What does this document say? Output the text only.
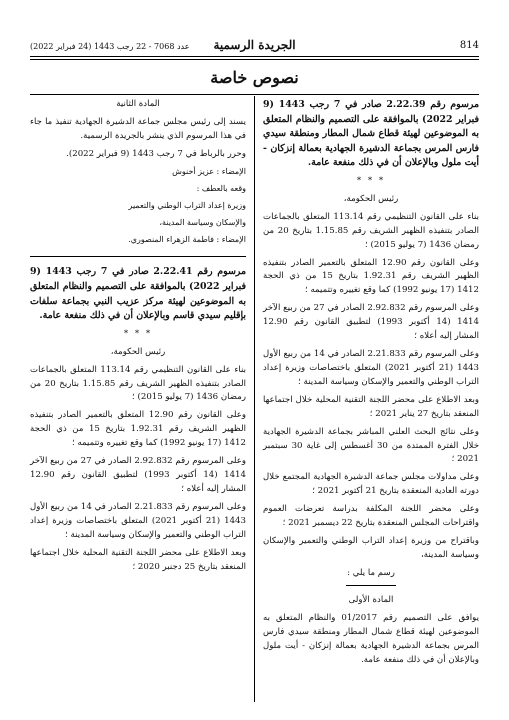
814
الجريدة الرسمية
عدد 7068 - 22 رجب 1443 (24 فبراير 2022)
نصوص خاصة

مرسوم رقم 2.22.39 صادر في 7 رجب 1443 (9 فبراير 2022) بالموافقة على التصميم والنظام المتعلق به الموضوعين لهيئة قطاع شمال المطار ومنطقة سيدي فارس المرس بجماعة الدشيرة الجهادية بعمالة إنزكان - أيت ملول وبالإعلان أن في ذلك منفعة عامة.

* * *

رئيس الحكومة،

بناء على القانون التنظيمي رقم 113.14 المتعلق بالجماعات الصادر بتنفيذه الظهير الشريف رقم 1.15.85 بتاريخ 20 من رمضان 1436 (7 يوليو 2015) ؛

وعلى القانون رقم 12.90 المتعلق بالتعمير الصادر بتنفيذه الظهير الشريف رقم 1.92.31 بتاريخ 15 من ذي الحجة 1412 (17 يونيو 1992) كما وقع تغييره وتتميمه ؛

وعلى المرسوم رقم 2.92.832 الصادر في 27 من ربيع الآخر 1414 (14 أكتوبر 1993) لتطبيق القانون رقم 12.90 المشار إليه أعلاه ؛

وعلى المرسوم رقم 2.21.833 الصادر في 14 من ربيع الأول 1443 (21 أكتوبر 2021) المتعلق باختصاصات وزيرة إعداد التراب الوطني والتعمير والإسكان وسياسة المدينة ؛

وبعد الاطلاع على محضر اللجنة التقنية المحلية خلال اجتماعها المنعقد بتاريخ 27 يناير 2021 ؛

وعلى نتائج البحث العلني المباشر بجماعة الدشيرة الجهادية خلال الفترة الممتدة من 30 أغسطس إلى غاية 30 سبتمبر 2021 ؛

وعلى مداولات مجلس جماعة الدشيرة الجهادية المجتمع خلال دورته العادية المنعقدة بتاريخ 21 أكتوبر 2021 ؛

وعلى محضر اللجنة المكلفة بدراسة تعرضات العموم واقتراحات المجلس المنعقدة بتاريخ 22 ديسمبر 2021 ؛

وباقتراح من وزيرة إعداد التراب الوطني والتعمير والإسكان وسياسة المدينة،

رسم ما يلي :

المادة الأولى

يوافق على التصميم رقم 01/2017 والنظام المتعلق به الموضوعين لهيئة قطاع شمال المطار ومنطقة سيدي فارس المرس بجماعة الدشيرة الجهادية بعمالة إنزكان - أيت ملول وبالإعلان أن في ذلك منفعة عامة.

المادة الثانية

يسند إلى رئيس مجلس جماعة الدشيرة الجهادية تنفيذ ما جاء في هذا المرسوم الذي ينشر بالجريدة الرسمية.

وحرر بالرباط في 7 رجب 1443 (9 فبراير 2022).

الإمضاء : عزيز أخنوش

وقعه بالعطف :

وزيرة إعداد التراب الوطني والتعمير

والإسكان وسياسة المدينة،

الإمضاء : فاطمة الزهراء المنصوري.

مرسوم رقم 2.22.41 صادر في 7 رجب 1443 (9 فبراير 2022) بالموافقة على التصميم والنظام المتعلق به الموضوعين لهيئة مركز عزيب النبي بجماعة سلفات بإقليم سيدي قاسم وبالإعلان أن في ذلك منفعة عامة.

* * *

رئيس الحكومة،

بناء على القانون التنظيمي رقم 113.14 المتعلق بالجماعات الصادر بتنفيذه الظهير الشريف رقم 1.15.85 بتاريخ 20 من رمضان 1436 (7 يوليو 2015) ؛

وعلى القانون رقم 12.90 المتعلق بالتعمير الصادر بتنفيذه الظهير الشريف رقم 1.92.31 بتاريخ 15 من ذي الحجة 1412 (17 يونيو 1992) كما وقع تغييره وتتميمه ؛

وعلى المرسوم رقم 2.92.832 الصادر في 27 من ربيع الآخر 1414 (14 أكتوبر 1993) لتطبيق القانون رقم 12.90 المشار إليه أعلاه ؛

وعلى المرسوم رقم 2.21.833 الصادر في 14 من ربيع الأول 1443 (21 أكتوبر 2021) المتعلق باختصاصات وزيرة إعداد التراب الوطني والتعمير والإسكان وسياسة المدينة ؛

وبعد الاطلاع على محضر اللجنة التقنية المحلية خلال اجتماعها المنعقد بتاريخ 25 دجنبر 2020 ؛
